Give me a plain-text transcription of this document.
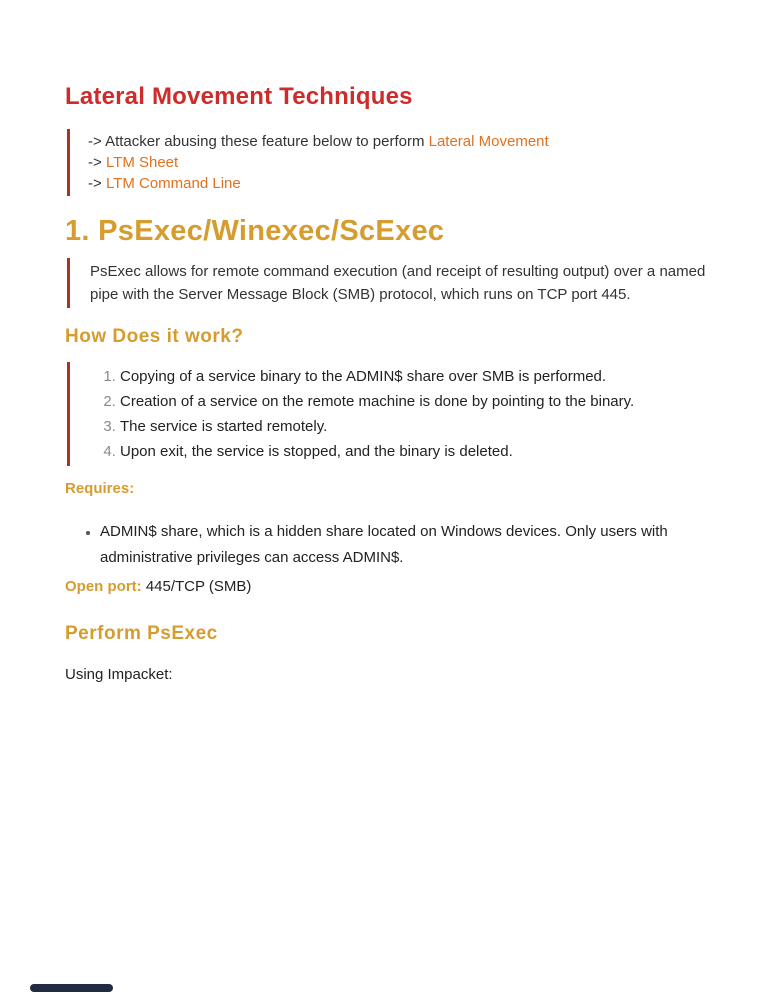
Lateral Movement Techniques
-> Attacker abusing these feature below to perform Lateral Movement
-> LTM Sheet
-> LTM Command Line
1. PsExec/Winexec/ScExec
PsExec allows for remote command execution (and receipt of resulting output) over a named pipe with the Server Message Block (SMB) protocol, which runs on TCP port 445.
How Does it work?
1. Copying of a service binary to the ADMIN$ share over SMB is performed.
2. Creation of a service on the remote machine is done by pointing to the binary.
3. The service is started remotely.
4. Upon exit, the service is stopped, and the binary is deleted.
Requires:
• ADMIN$ share, which is a hidden share located on Windows devices. Only users with administrative privileges can access ADMIN$.

Open port: 445/TCP (SMB)

Perform PsExec

Using Impacket:
